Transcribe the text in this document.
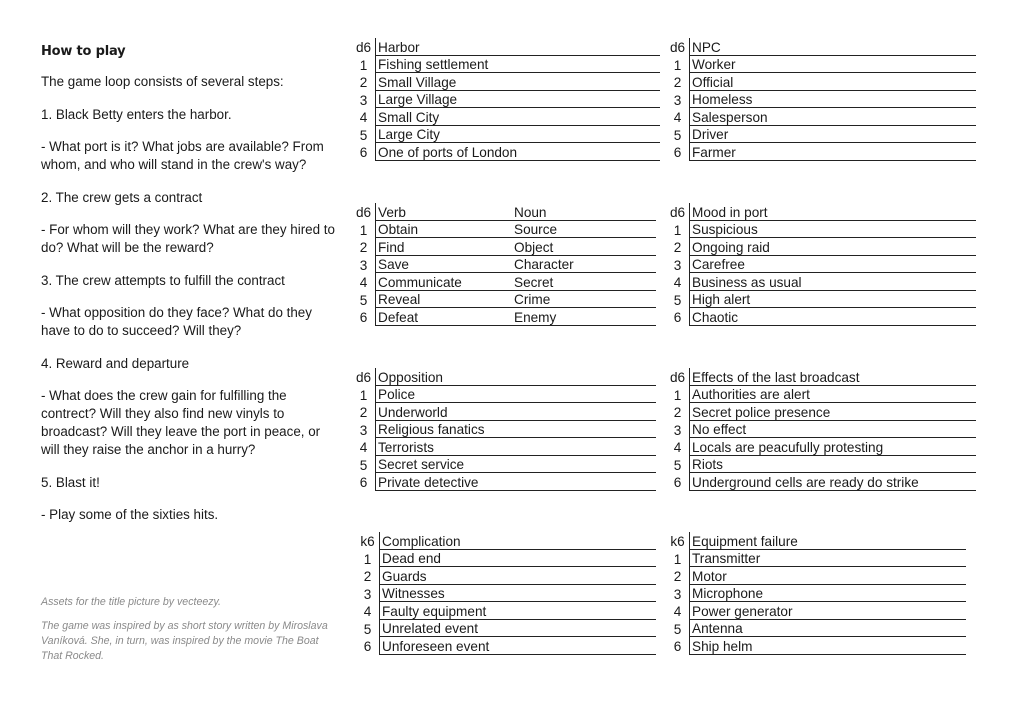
How to play

The game loop consists of several steps:

1. Black Betty enters the harbor.

- What port is it? What jobs are available? From whom, and who will stand in the crew's way?

2. The crew gets a contract

- For whom will they work? What are they hired to do? What will be the reward?

3. The crew attempts to fulfill the contract

- What opposition do they face? What do they have to do to succeed? Will they?

4. Reward and departure

- What does the crew gain for fulfilling the contrect? Will they also find new vinyls to broadcast? Will they leave the port in peace, or will they raise the anchor in a hurry?

5. Blast it!

- Play some of the sixties hits.

Assets for the title picture by vecteezy.

The game was inspired by as short story written by Miroslava Vaníková. She, in turn, was inspired by the movie The Boat That Rocked.

d6	Harbor
1	Fishing settlement
2	Small Village
3	Large Village
4	Small City
5	Large City
6	One of ports of London
d6	NPC
1	Worker
2	Official
3	Homeless
4	Salesperson
5	Driver
6	Farmer
d6	Verb	Noun
1	Obtain	Source
2	Find	Object
3	Save	Character
4	Communicate	Secret
5	Reveal	Crime
6	Defeat	Enemy
d6	Mood in port
1	Suspicious
2	Ongoing raid
3	Carefree
4	Business as usual
5	High alert
6	Chaotic
d6	Opposition
1	Police
2	Underworld
3	Religious fanatics
4	Terrorists
5	Secret service
6	Private detective
d6	Effects of the last broadcast
1	Authorities are alert
2	Secret police presence
3	No effect
4	Locals are peacufully protesting
5	Riots
6	Underground cells are ready do strike
k6	Complication
1	Dead end
2	Guards
3	Witnesses
4	Faulty equipment
5	Unrelated event
6	Unforeseen event
k6	Equipment failure
1	Transmitter
2	Motor
3	Microphone
4	Power generator
5	Antenna
6	Ship helm
